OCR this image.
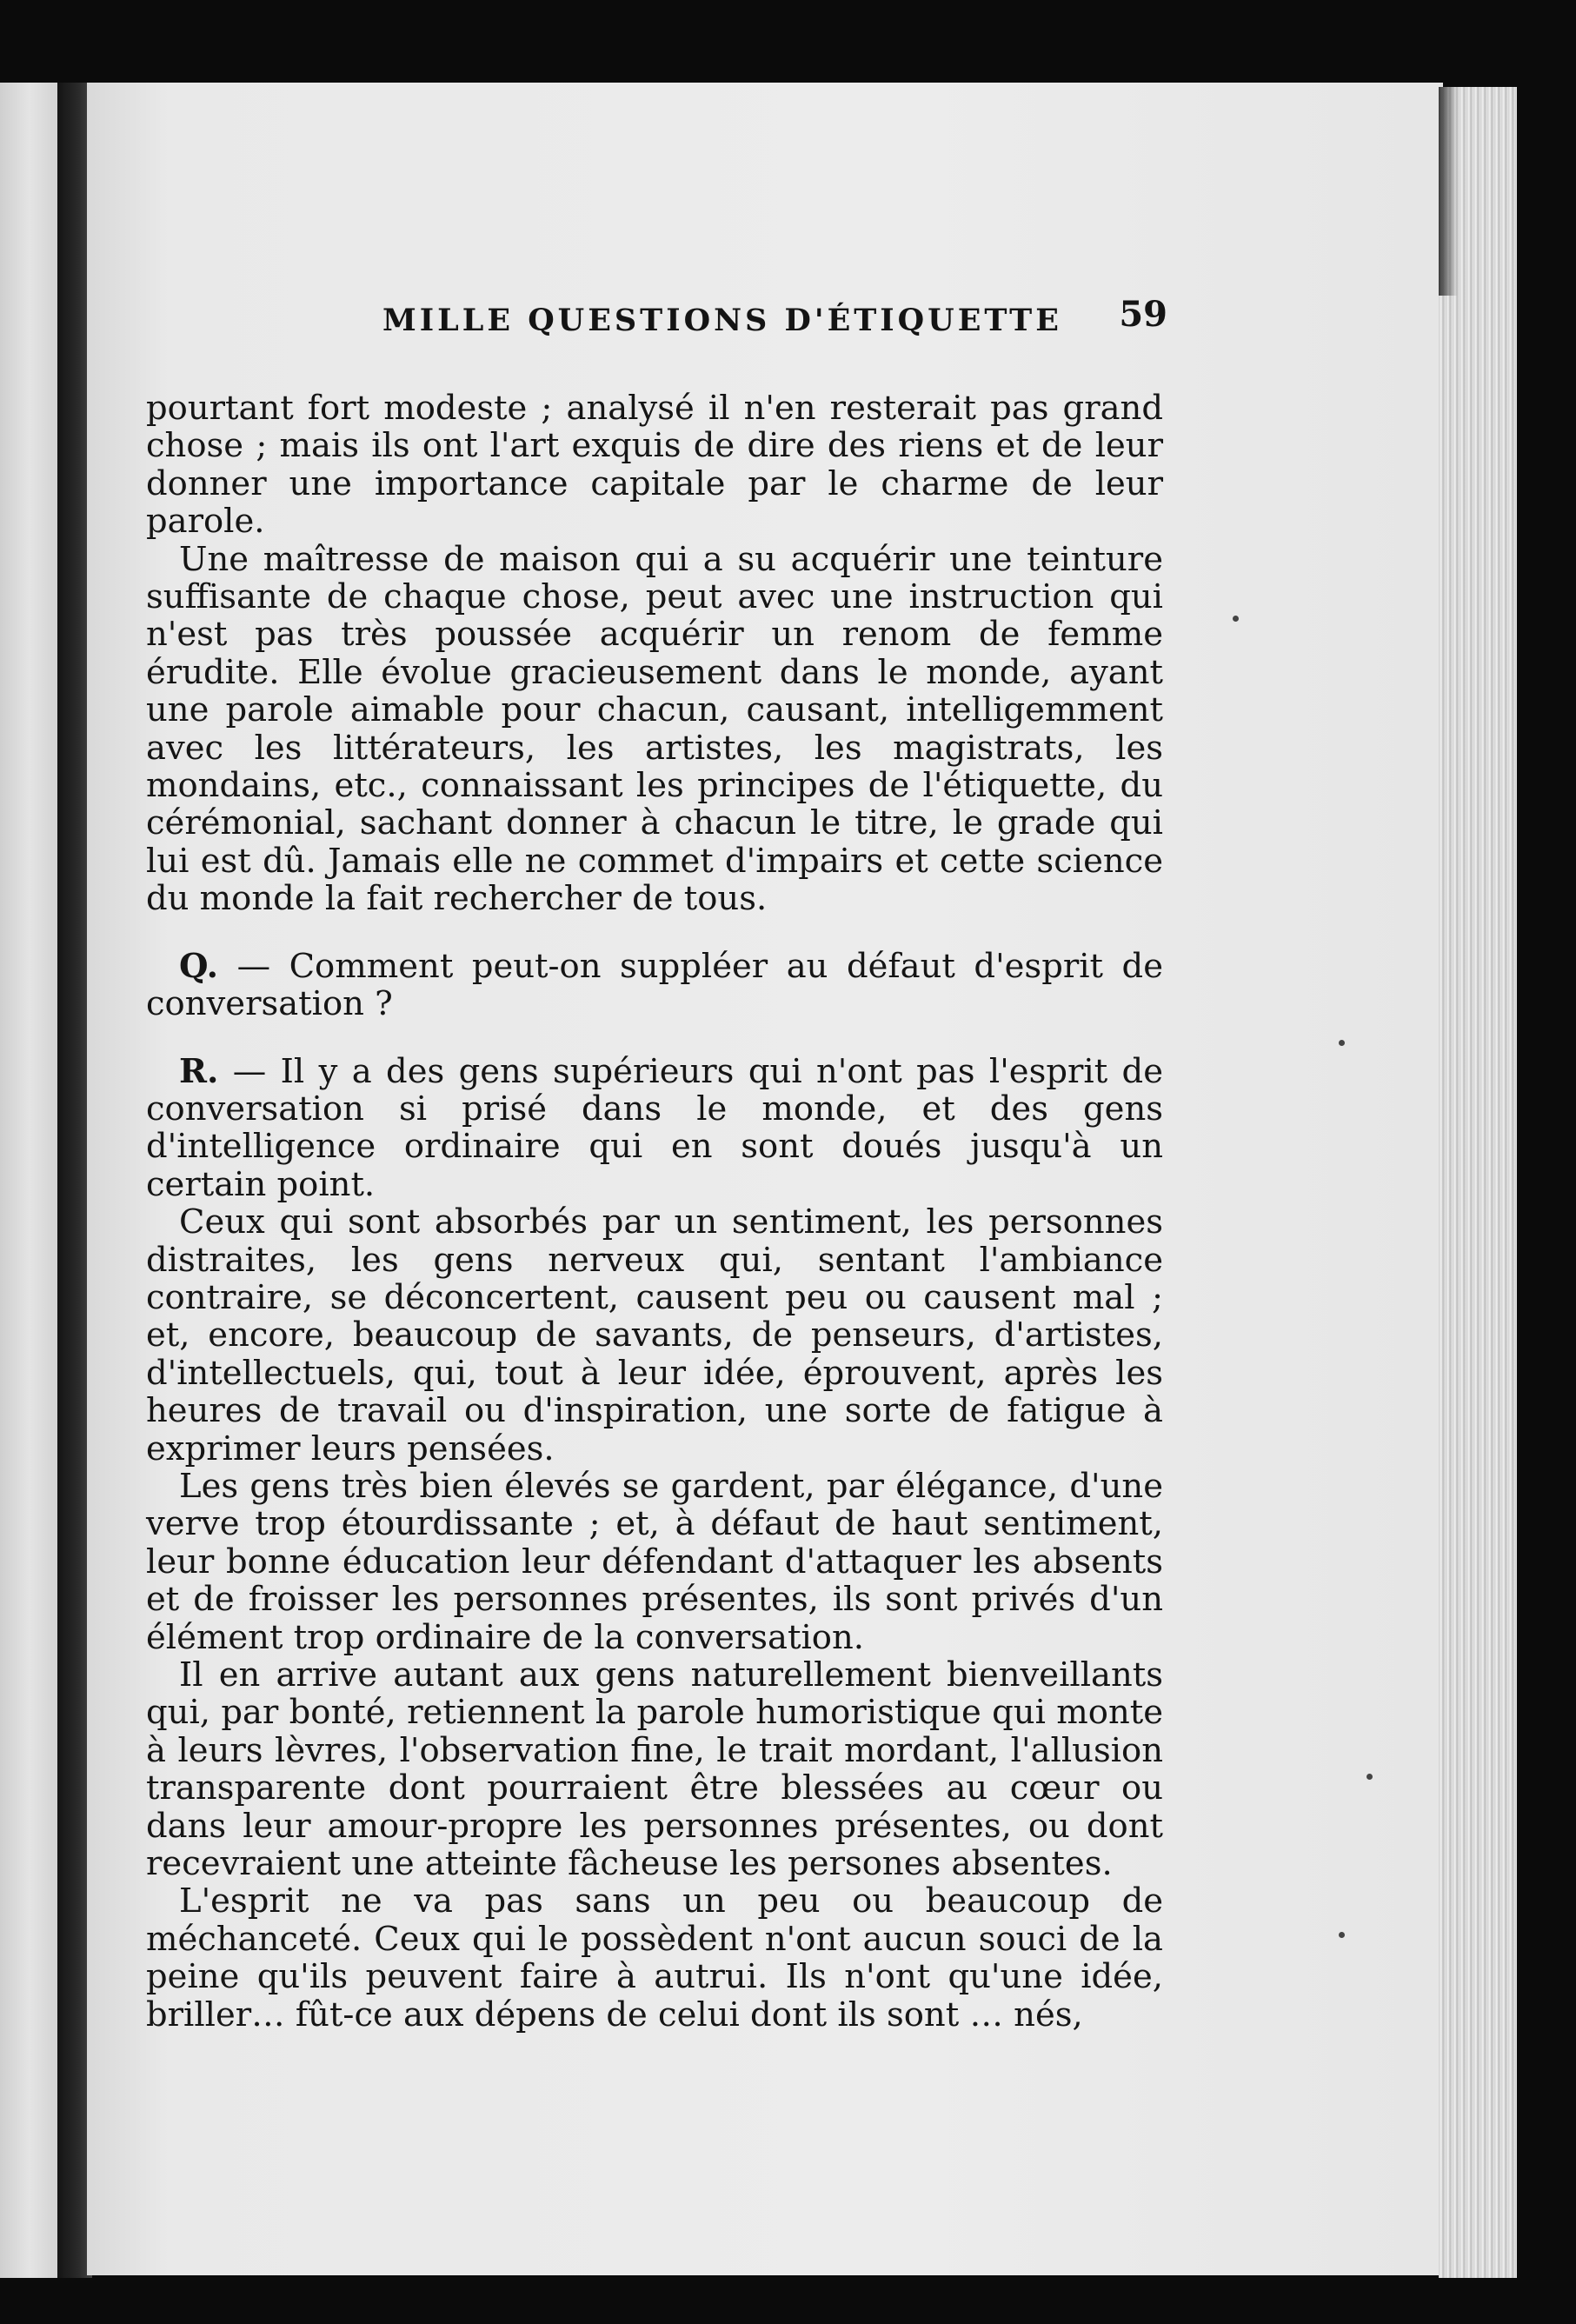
MILLE QUESTIONS D'ÉTIQUETTE 59

pourtant fort modeste ; analysé il n'en resterait pas grand chose ; mais ils ont l'art exquis de dire des riens et de leur donner une importance capitale par le charme de leur parole.

Une maîtresse de maison qui a su acquérir une teinture suffisante de chaque chose, peut avec une instruction qui n'est pas très poussée acquérir un renom de femme érudite. Elle évolue gracieusement dans le monde, ayant une parole aimable pour chacun, causant, intelligemment avec les littérateurs, les artistes, les magistrats, les mondains, etc., connaissant les principes de l'étiquette, du cérémonial, sachant donner à chacun le titre, le grade qui lui est dû. Jamais elle ne commet d'impairs et cette science du monde la fait rechercher de tous.

Q. — Comment peut-on suppléer au défaut d'esprit de conversation ?

R. — Il y a des gens supérieurs qui n'ont pas l'esprit de conversation si prisé dans le monde, et des gens d'intelligence ordinaire qui en sont doués jusqu'à un certain point.

Ceux qui sont absorbés par un sentiment, les personnes distraites, les gens nerveux qui, sentant l'ambiance contraire, se déconcertent, causent peu ou causent mal ; et, encore, beaucoup de savants, de penseurs, d'artistes, d'intellectuels, qui, tout à leur idée, éprouvent, après les heures de travail ou d'inspiration, une sorte de fatigue à exprimer leurs pensées.

Les gens très bien élevés se gardent, par élégance, d'une verve trop étourdissante ; et, à défaut de haut sentiment, leur bonne éducation leur défendant d'attaquer les absents et de froisser les personnes présentes, ils sont privés d'un élément trop ordinaire de la conversation.

Il en arrive autant aux gens naturellement bienveillants qui, par bonté, retiennent la parole humoristique qui monte à leurs lèvres, l'observation fine, le trait mordant, l'allusion transparente dont pourraient être blessées au cœur ou dans leur amour-propre les personnes présentes, ou dont recevraient une atteinte fâcheuse les persones absentes.

L'esprit ne va pas sans un peu ou beaucoup de méchanceté. Ceux qui le possèdent n'ont aucun souci de la peine qu'ils peuvent faire à autrui. Ils n'ont qu'une idée, briller… fût-ce aux dépens de celui dont ils sont … nés,
